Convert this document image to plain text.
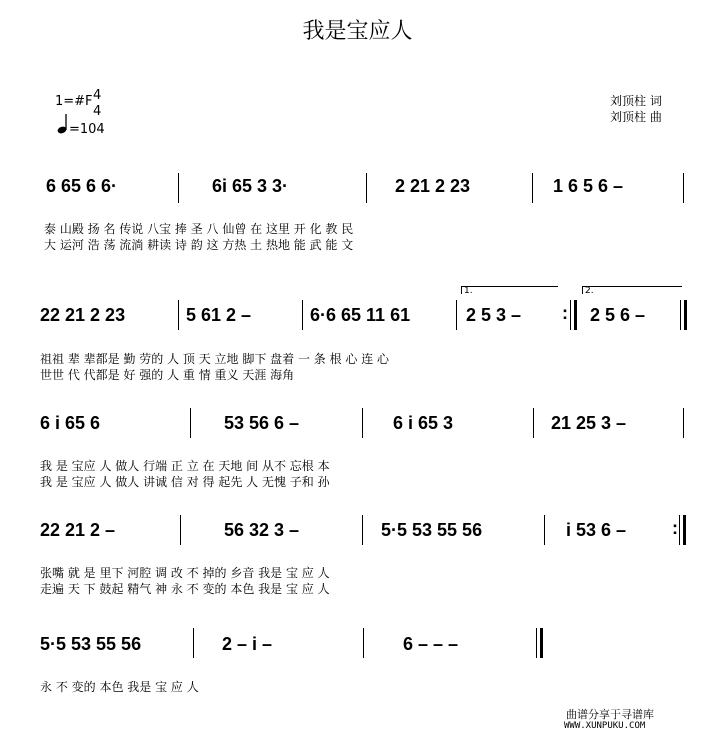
我是宝应人
1=#F 4
4
=104
刘顶柱 词
刘顶柱 曲
6 65 6 6·	6i 65 3 3·	2 21 2 23	1 6 5 6 –
泰 山殿 扬 名 传说 八宝 捧 圣 八 仙曾 在 这里 开 化 教 民
大 运河 浩 荡 流淌 耕读 诗 韵 这 方热 土 热地 能 武 能 文
22 21 2 23	5 61 2 –	6·6 65 11 61
1.
2 5 3 – :
2.
2 5 6 –
祖祖 辈 辈都是 勤 劳的 人 顶 天 立地 脚下 盘着 一 条 根 心 连 心
世世 代 代都是 好 强的 人 重 情 重义 天涯 海角
6 i 65 6	53 56 6 –	6 i 65 3	21 25 3 –
我 是 宝应 人 做人 行端 正 立 在 天地 间 从不 忘根 本
我 是 宝应 人 做人 讲诚 信 对 得 起先 人 无愧 子和 孙
22 21 2 –	56 32 3 –	5·5 53 55 56	i 53 6 –	:
张嘴 就 是 里下 河腔 调 改 不 掉的 乡音 我是 宝 应 人
走遍 天 下 鼓起 精气 神 永 不 变的 本色 我是 宝 应 人
5·5 53 55 56	2 – i –	6 – – –
永 不 变的 本色 我是 宝 应 人
曲谱分享于寻谱库
WWW.XUNPUKU.COM
